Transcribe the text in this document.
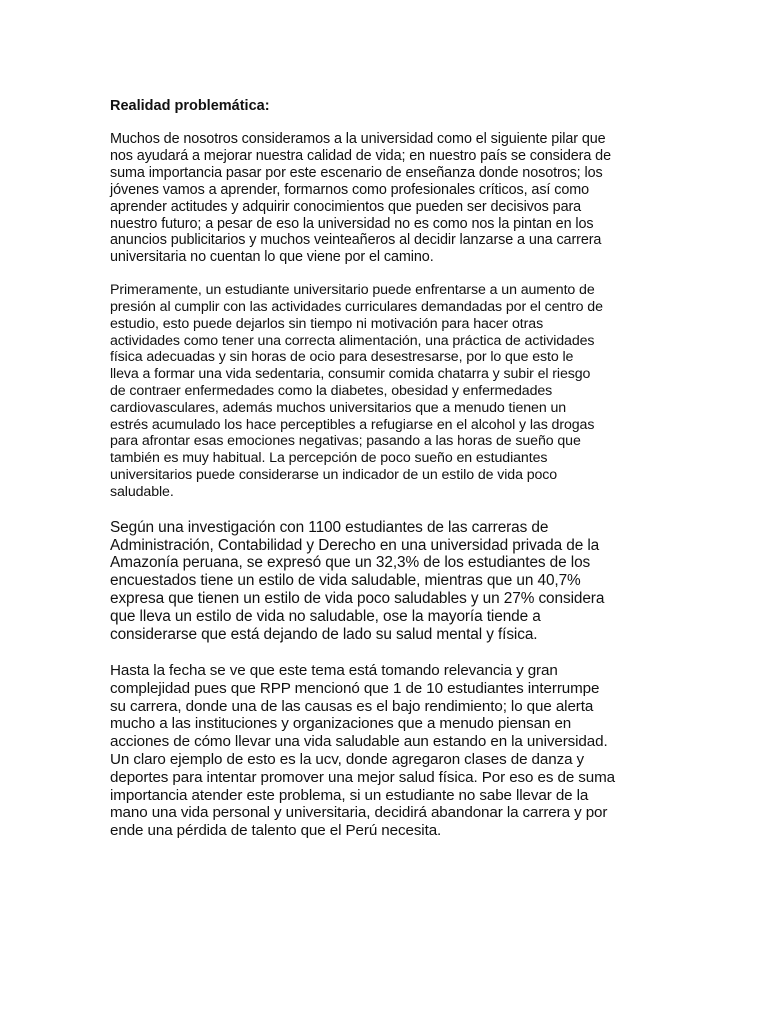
Realidad problemática:

Muchos de nosotros consideramos a la universidad como el siguiente pilar que
nos ayudará a mejorar nuestra calidad de vida; en nuestro país se considera de
suma importancia pasar por este escenario de enseñanza donde nosotros; los
jóvenes vamos a aprender, formarnos como profesionales críticos, así como
aprender actitudes y adquirir conocimientos que pueden ser decisivos para
nuestro futuro; a pesar de eso la universidad no es como nos la pintan en los
anuncios publicitarios y muchos veinteañeros al decidir lanzarse a una carrera
universitaria no cuentan lo que viene por el camino.

Primeramente, un estudiante universitario puede enfrentarse a un aumento de
presión al cumplir con las actividades curriculares demandadas por el centro de
estudio, esto puede dejarlos sin tiempo ni motivación para hacer otras
actividades como tener una correcta alimentación, una práctica de actividades
física adecuadas y sin horas de ocio para desestresarse, por lo que esto le
lleva a formar una vida sedentaria, consumir comida chatarra y subir el riesgo
de contraer enfermedades como la diabetes, obesidad y enfermedades
cardiovasculares, además muchos universitarios que a menudo tienen un
estrés acumulado los hace perceptibles a refugiarse en el alcohol y las drogas
para afrontar esas emociones negativas; pasando a las horas de sueño que
también es muy habitual. La percepción de poco sueño en estudiantes
universitarios puede considerarse un indicador de un estilo de vida poco
saludable.

Según una investigación con 1100 estudiantes de las carreras de
Administración, Contabilidad y Derecho en una universidad privada de la
Amazonía peruana, se expresó que un 32,3% de los estudiantes de los
encuestados tiene un estilo de vida saludable, mientras que un 40,7%
expresa que tienen un estilo de vida poco saludables y un 27% considera
que lleva un estilo de vida no saludable, ose la mayoría tiende a
considerarse que está dejando de lado su salud mental y física.

Hasta la fecha se ve que este tema está tomando relevancia y gran
complejidad pues que RPP mencionó que 1 de 10 estudiantes interrumpe
su carrera, donde una de las causas es el bajo rendimiento; lo que alerta
mucho a las instituciones y organizaciones que a menudo piensan en
acciones de cómo llevar una vida saludable aun estando en la universidad.
Un claro ejemplo de esto es la ucv, donde agregaron clases de danza y
deportes para intentar promover una mejor salud física. Por eso es de suma
importancia atender este problema, si un estudiante no sabe llevar de la
mano una vida personal y universitaria, decidirá abandonar la carrera y por
ende una pérdida de talento que el Perú necesita.
